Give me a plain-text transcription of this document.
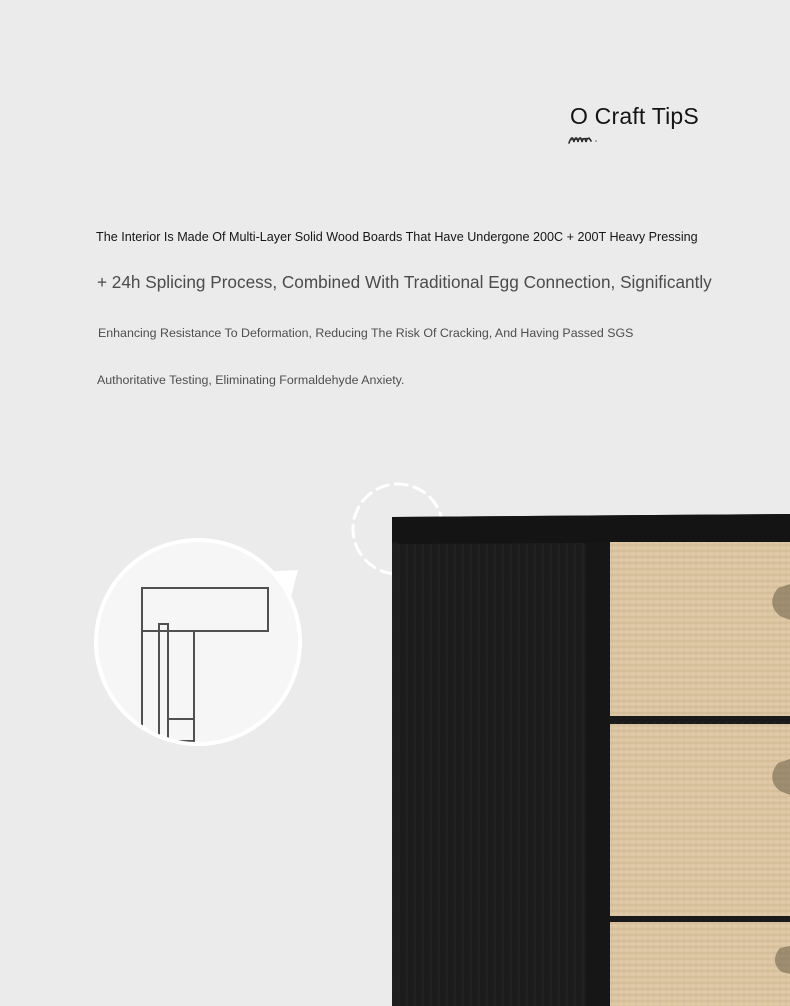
O Craft TipS
The Interior Is Made Of Multi-Layer Solid Wood Boards That Have Undergone 200C + 200T Heavy Pressing
+ 24h Splicing Process, Combined With Traditional Egg Connection, Significantly
Enhancing Resistance To Deformation, Reducing The Risk Of Cracking, And Having Passed SGS
Authoritative Testing, Eliminating Formaldehyde Anxiety.
